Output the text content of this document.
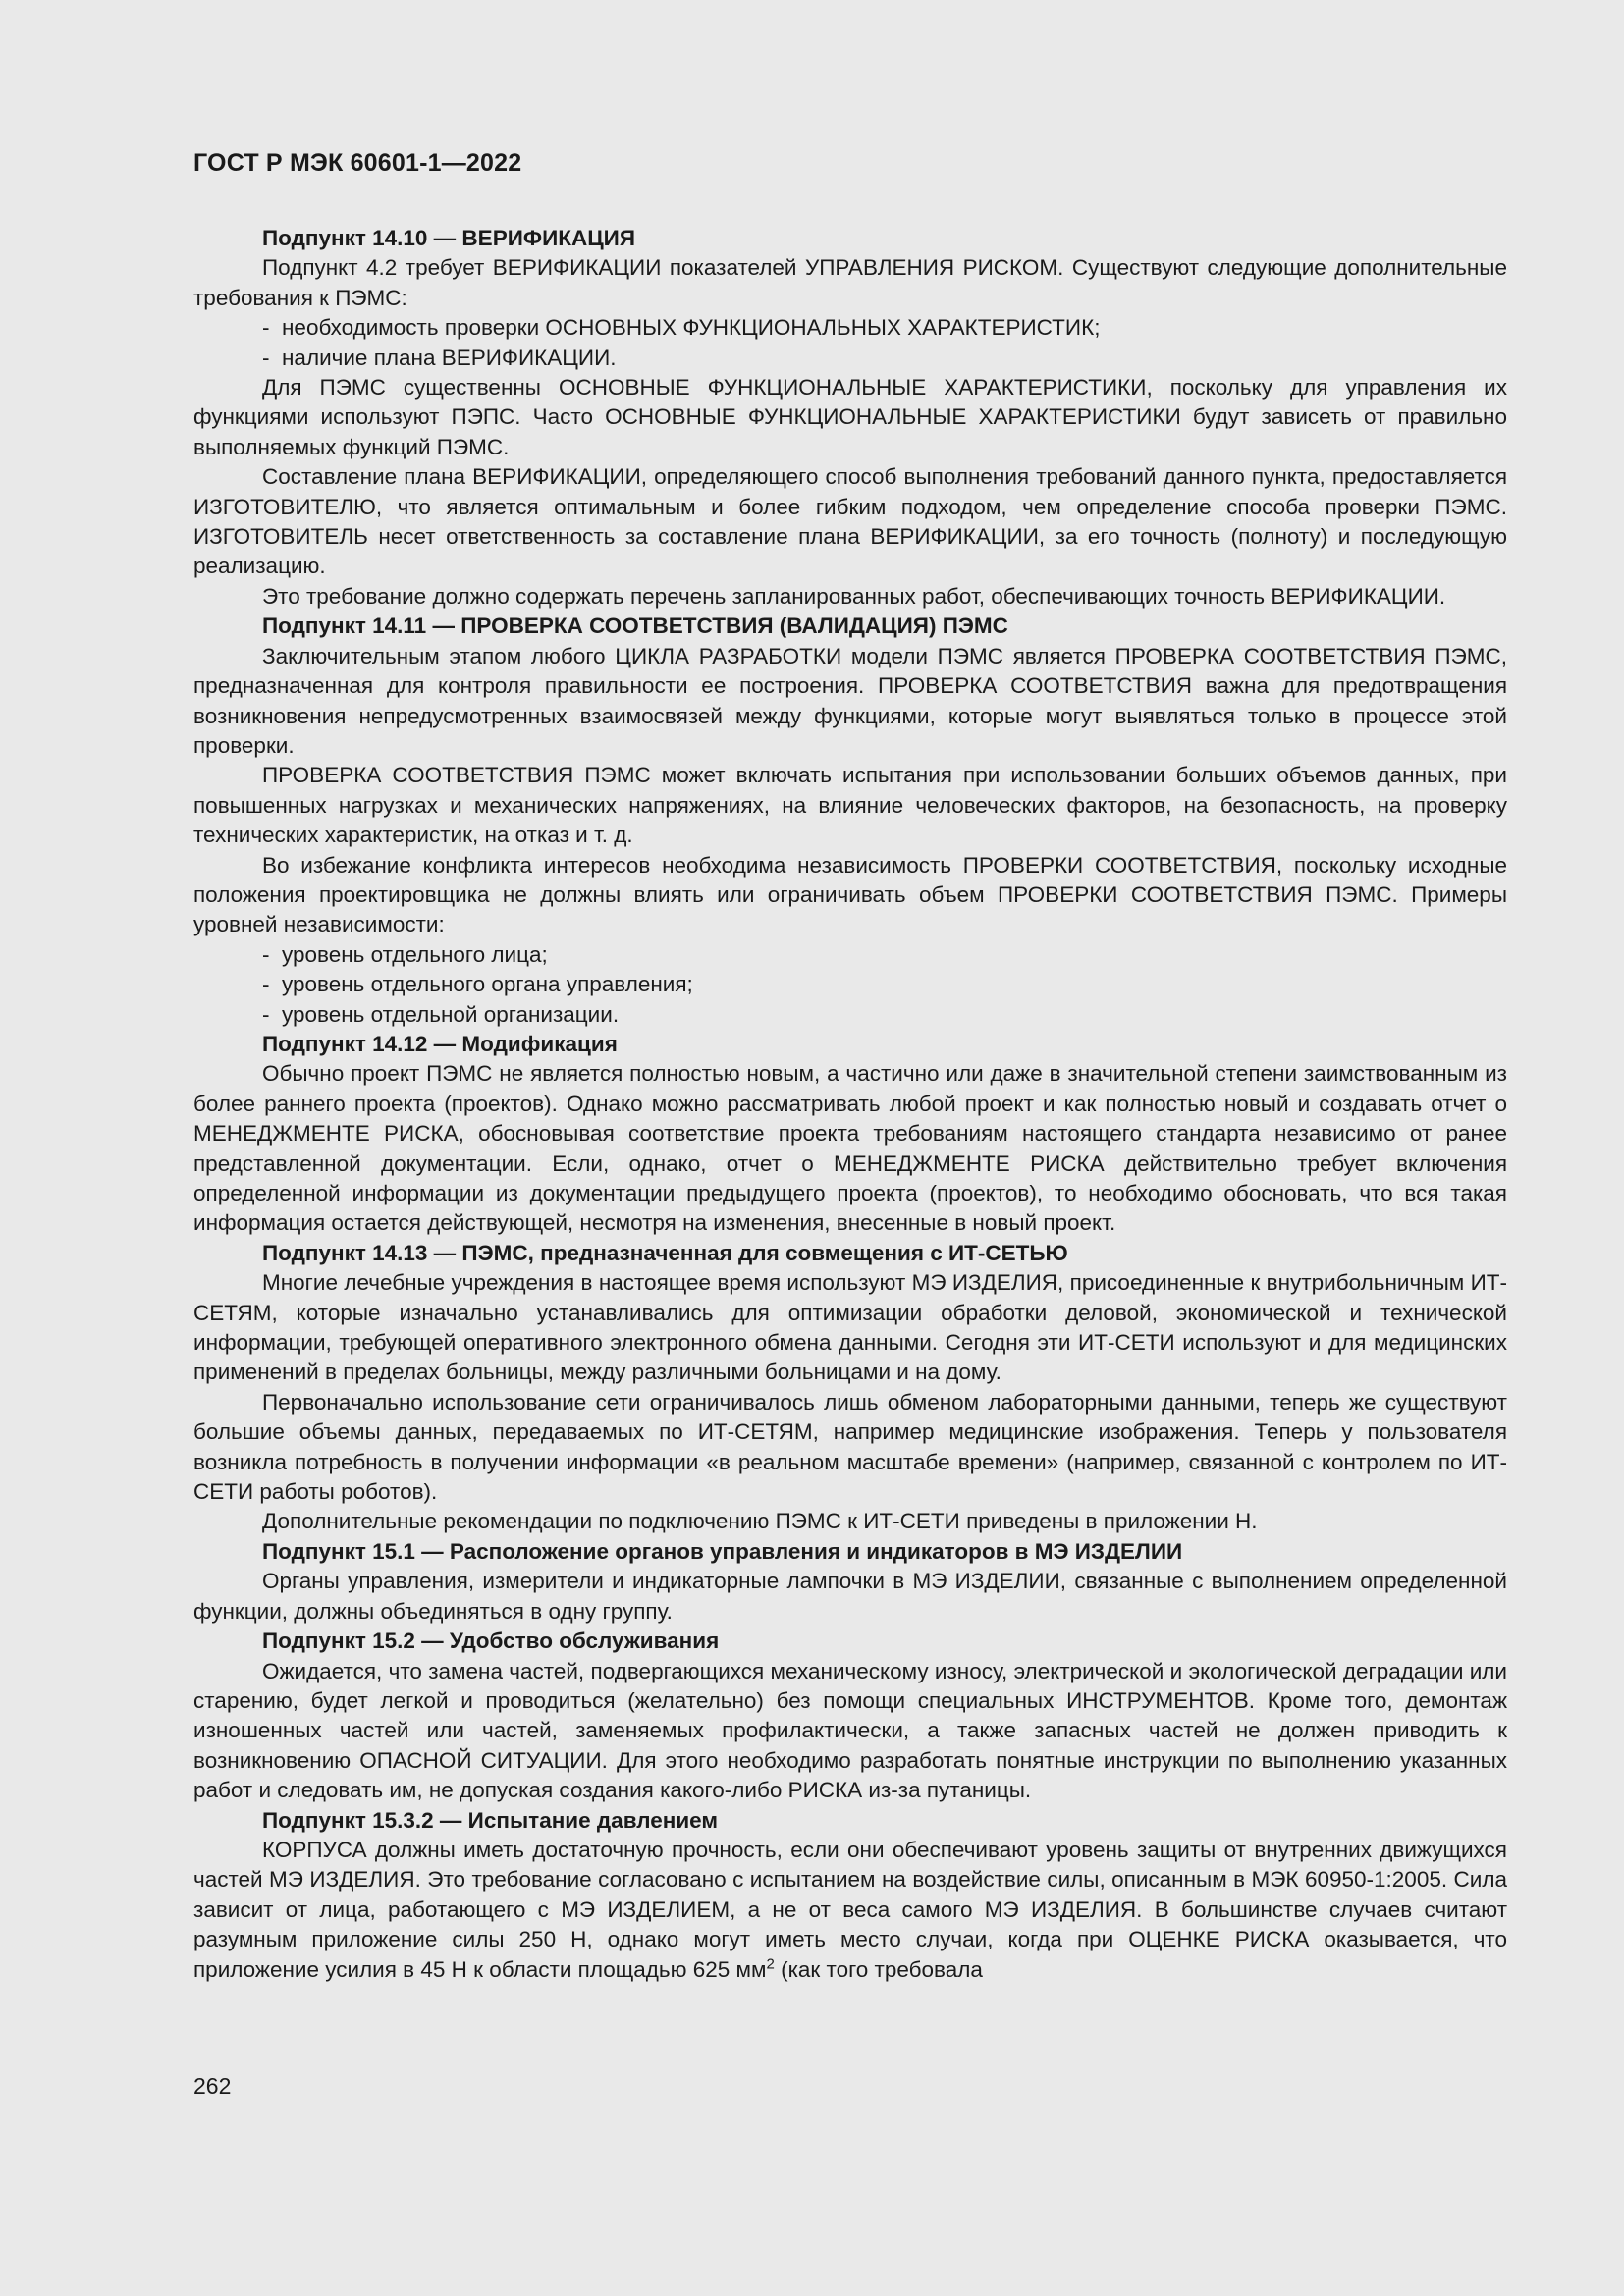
ГОСТ Р МЭК 60601-1—2022
Подпункт 14.10 — ВЕРИФИКАЦИЯ

Подпункт 4.2 требует ВЕРИФИКАЦИИ показателей УПРАВЛЕНИЯ РИСКОМ. Существуют следующие дополнительные требования к ПЭМС:

-  необходимость проверки ОСНОВНЫХ ФУНКЦИОНАЛЬНЫХ ХАРАКТЕРИСТИК;
-  наличие плана ВЕРИФИКАЦИИ.

Для ПЭМС существенны ОСНОВНЫЕ ФУНКЦИОНАЛЬНЫЕ ХАРАКТЕРИСТИКИ, поскольку для управления их функциями используют ПЭПС. Часто ОСНОВНЫЕ ФУНКЦИОНАЛЬНЫЕ ХАРАКТЕРИСТИКИ будут зависеть от правильно выполняемых функций ПЭМС.

Составление плана ВЕРИФИКАЦИИ, определяющего способ выполнения требований данного пункта, предоставляется ИЗГОТОВИТЕЛЮ, что является оптимальным и более гибким подходом, чем определение способа проверки ПЭМС. ИЗГОТОВИТЕЛЬ несет ответственность за составление плана ВЕРИФИКАЦИИ, за его точность (полноту) и последующую реализацию.

Это требование должно содержать перечень запланированных работ, обеспечивающих точность ВЕРИФИКАЦИИ.

Подпункт 14.11 — ПРОВЕРКА СООТВЕТСТВИЯ (ВАЛИДАЦИЯ) ПЭМС

Заключительным этапом любого ЦИКЛА РАЗРАБОТКИ модели ПЭМС является ПРОВЕРКА СООТВЕТСТВИЯ ПЭМС, предназначенная для контроля правильности ее построения. ПРОВЕРКА СООТВЕТСТВИЯ важна для предотвращения возникновения непредусмотренных взаимосвязей между функциями, которые могут выявляться только в процессе этой проверки.

ПРОВЕРКА СООТВЕТСТВИЯ ПЭМС может включать испытания при использовании больших объемов данных, при повышенных нагрузках и механических напряжениях, на влияние человеческих факторов, на безопасность, на проверку технических характеристик, на отказ и т. д.

Во избежание конфликта интересов необходима независимость ПРОВЕРКИ СООТВЕТСТВИЯ, поскольку исходные положения проектировщика не должны влиять или ограничивать объем ПРОВЕРКИ СООТВЕТСТВИЯ ПЭМС. Примеры уровней независимости:

-  уровень отдельного лица;
-  уровень отдельного органа управления;
-  уровень отдельной организации.
Подпункт 14.12 — Модификация

Обычно проект ПЭМС не является полностью новым, а частично или даже в значительной степени заимствованным из более раннего проекта (проектов). Однако можно рассматривать любой проект и как полностью новый и создавать отчет о МЕНЕДЖМЕНТЕ РИСКА, обосновывая соответствие проекта требованиям настоящего стандарта независимо от ранее представленной документации. Если, однако, отчет о МЕНЕДЖМЕНТЕ РИСКА действительно требует включения определенной информации из документации предыдущего проекта (проектов), то необходимо обосновать, что вся такая информация остается действующей, несмотря на изменения, внесенные в новый проект.

Подпункт 14.13 — ПЭМС, предназначенная для совмещения с ИТ-СЕТЬЮ

Многие лечебные учреждения в настоящее время используют МЭ ИЗДЕЛИЯ, присоединенные к внутрибольничным ИТ-СЕТЯМ, которые изначально устанавливались для оптимизации обработки деловой, экономической и технической информации, требующей оперативного электронного обмена данными. Сегодня эти ИТ-СЕТИ используют и для медицинских применений в пределах больницы, между различными больницами и на дому.

Первоначально использование сети ограничивалось лишь обменом лабораторными данными, теперь же существуют большие объемы данных, передаваемых по ИТ-СЕТЯМ, например медицинские изображения. Теперь у пользователя возникла потребность в получении информации «в реальном масштабе времени» (например, связанной с контролем по ИТ-СЕТИ работы роботов).

Дополнительные рекомендации по подключению ПЭМС к ИТ-СЕТИ приведены в приложении Н.

Подпункт 15.1 — Расположение органов управления и индикаторов в МЭ ИЗДЕЛИИ

Органы управления, измерители и индикаторные лампочки в МЭ ИЗДЕЛИИ, связанные с выполнением определенной функции, должны объединяться в одну группу.

Подпункт 15.2 — Удобство обслуживания

Ожидается, что замена частей, подвергающихся механическому износу, электрической и экологической деградации или старению, будет легкой и проводиться (желательно) без помощи специальных ИНСТРУМЕНТОВ. Кроме того, демонтаж изношенных частей или частей, заменяемых профилактически, а также запасных частей не должен приводить к возникновению ОПАСНОЙ СИТУАЦИИ. Для этого необходимо разработать понятные инструкции по выполнению указанных работ и следовать им, не допуская создания какого-либо РИСКА из-за путаницы.

Подпункт 15.3.2 — Испытание давлением

КОРПУСА должны иметь достаточную прочность, если они обеспечивают уровень защиты от внутренних движущихся частей МЭ ИЗДЕЛИЯ. Это требование согласовано с испытанием на воздействие силы, описанным в МЭК 60950-1:2005. Сила зависит от лица, работающего с МЭ ИЗДЕЛИЕМ, а не от веса самого МЭ ИЗДЕЛИЯ. В большинстве случаев считают разумным приложение силы 250 Н, однако могут иметь место случаи, когда при ОЦЕНКЕ РИСКА оказывается, что приложение усилия в 45 Н к области площадью 625 $мм^2$ (как того требовала

262
